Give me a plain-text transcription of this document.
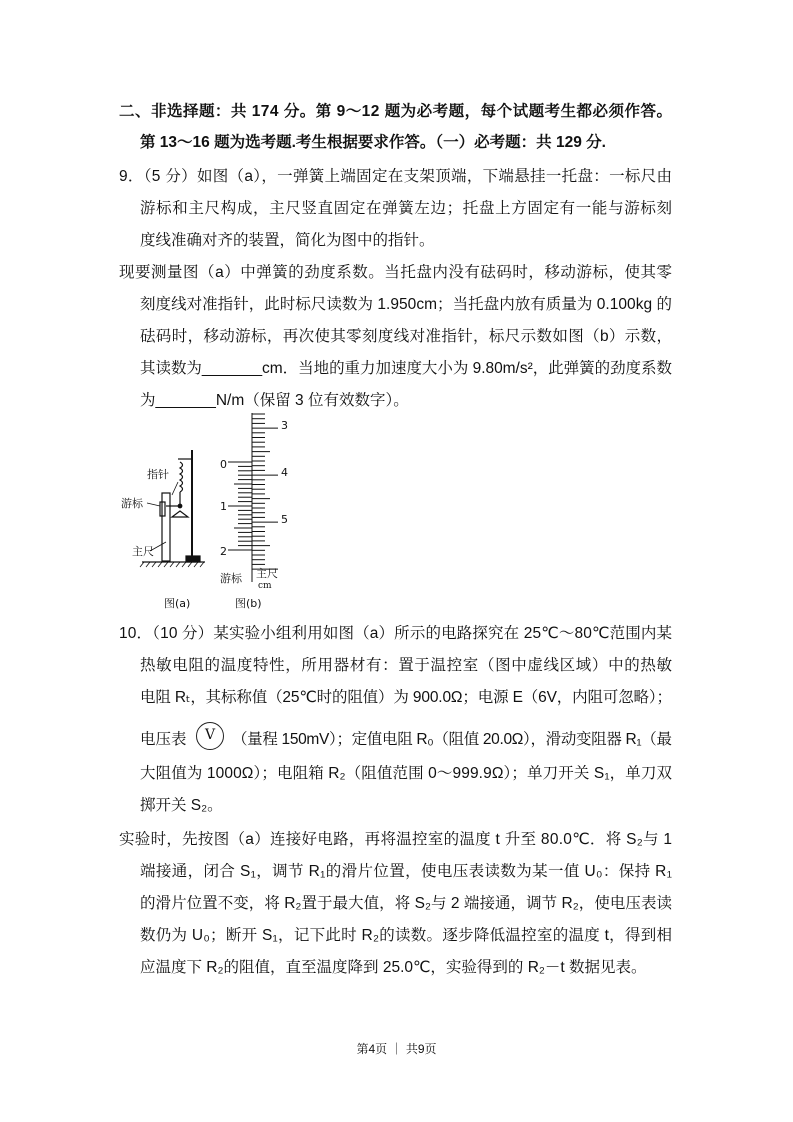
二、非选择题：共 174 分。第 9～12 题为必考题，每个试题考生都必须作答。
第 13～16 题为选考题.考生根据要求作答。（一）必考题：共 129 分.
9．（5 分）如图（a），一弹簧上端固定在支架顶端，下端悬挂一托盘：一标尺由
游标和主尺构成，主尺竖直固定在弹簧左边；托盘上方固定有一能与游标刻
度线准确对齐的装置，简化为图中的指针。
现要测量图（a）中弹簧的劲度系数。当托盘内没有砝码时，移动游标，使其零
刻度线对准指针，此时标尺读数为 1.950cm；当托盘内放有质量为 0.100kg 的
砝码时，移动游标，再次使其零刻度线对准指针，标尺示数如图（b）示数，
其读数为_______cm．当地的重力加速度大小为 9.80m/s²，此弹簧的劲度系数
为_______N/m（保留 3 位有效数字）。
指针
游标
主尺
图(a)
3
4
5
0
1
2
游标 主尺
cm
图(b)
10．（10 分）某实验小组利用如图（a）所示的电路探究在 25℃～80℃范围内某
热敏电阻的温度特性，所用器材有：置于温控室（图中虚线区域）中的热敏
电阻 Rₜ，其标称值（25℃时的阻值）为 900.0Ω；电源 E（6V，内阻可忽略）；
电压表	V	（量程 150mV）；定值电阻 R₀（阻值 20.0Ω），滑动变阻器 R₁（最
大阻值为 1000Ω）；电阻箱 R₂（阻值范围 0～999.9Ω）；单刀开关 S₁，单刀双
掷开关 S₂。
实验时，先按图（a）连接好电路，再将温控室的温度 t 升至 80.0℃．将 S₂与 1
端接通，闭合 S₁，调节 R₁的滑片位置，使电压表读数为某一值 U₀：保持 R₁
的滑片位置不变，将 R₂置于最大值，将 S₂与 2 端接通，调节 R₂，使电压表读
数仍为 U₀；断开 S₁，记下此时 R₂的读数。逐步降低温控室的温度 t，得到相
应温度下 R₂的阻值，直至温度降到 25.0℃，实验得到的 R₂－t 数据见表。
第4页 ｜ 共9页
